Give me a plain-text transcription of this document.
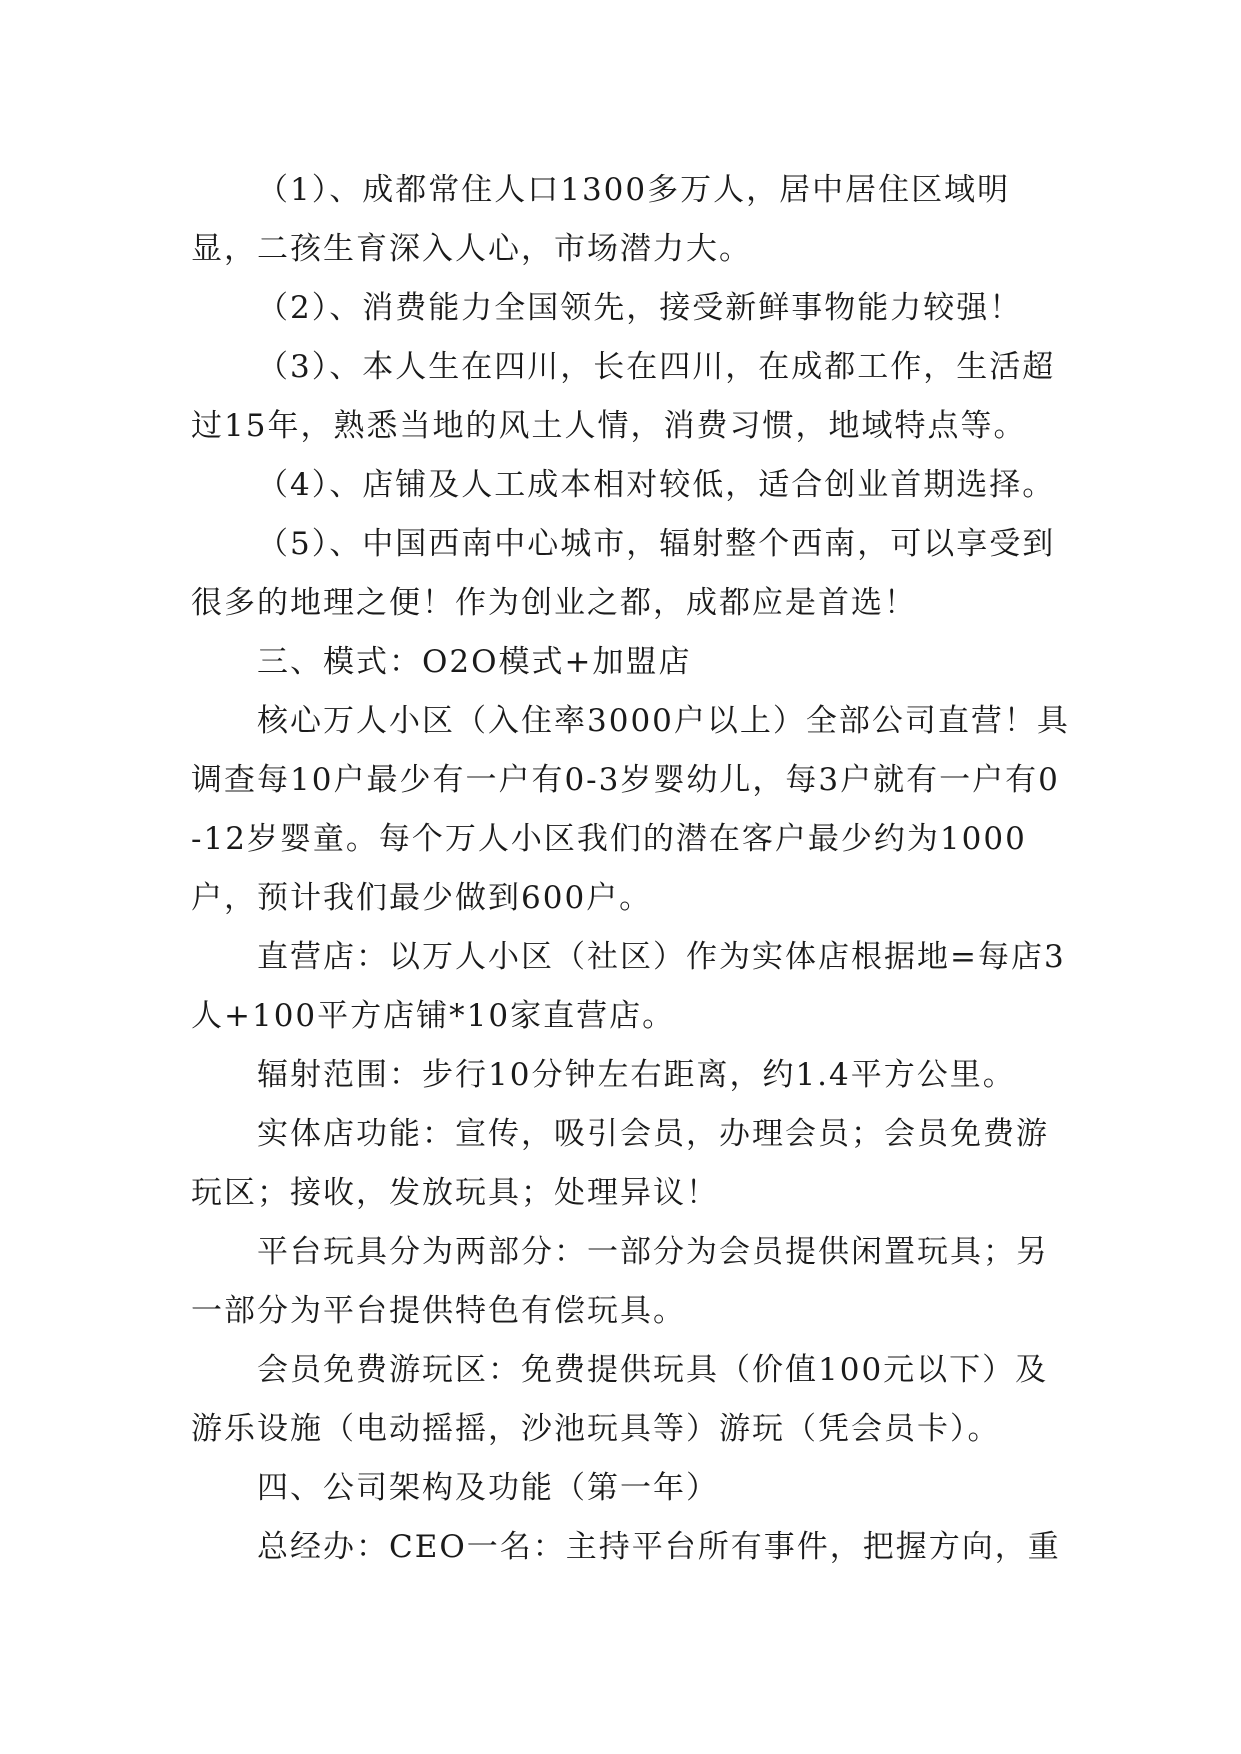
（1）、成都常住人口1300多万人，居中居住区域明显，二孩生育深入人心，市场潜力大。

（2）、消费能力全国领先，接受新鲜事物能力较强！

（3）、本人生在四川，长在四川，在成都工作，生活超过15年，熟悉当地的风土人情，消费习惯，地域特点等。

（4）、店铺及人工成本相对较低，适合创业首期选择。

（5）、中国西南中心城市，辐射整个西南，可以享受到很多的地理之便！作为创业之都，成都应是首选！

三、模式：O2O模式+加盟店

核心万人小区（入住率3000户以上）全部公司直营！具调查每10户最少有一户有0-3岁婴幼儿，每3户就有一户有0-12岁婴童。每个万人小区我们的潜在客户最少约为1000户，预计我们最少做到600户。

直营店：以万人小区（社区）作为实体店根据地=每店3人+100平方店铺*10家直营店。

辐射范围：步行10分钟左右距离，约1.4平方公里。

实体店功能：宣传，吸引会员，办理会员；会员免费游玩区；接收，发放玩具；处理异议！

平台玩具分为两部分：一部分为会员提供闲置玩具；另一部分为平台提供特色有偿玩具。

会员免费游玩区：免费提供玩具（价值100元以下）及游乐设施（电动摇摇，沙池玩具等）游玩（凭会员卡）。

四、公司架构及功能（第一年）

总经办：CEO一名：主持平台所有事件，把握方向，重
